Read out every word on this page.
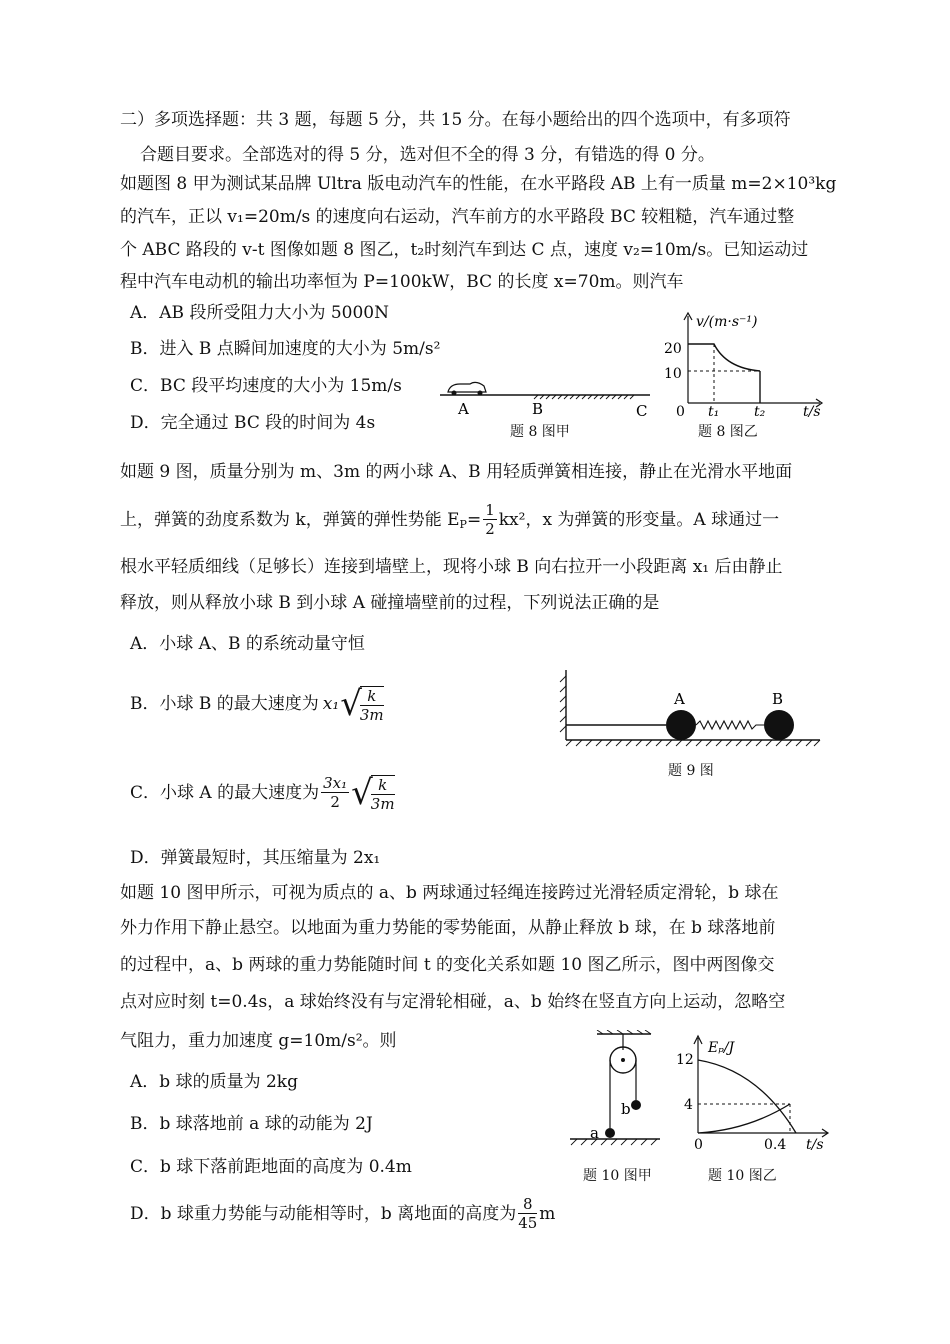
二）多项选择题：共 3 题，每题 5 分，共 15 分。在每小题给出的四个选项中，有多项符
合题目要求。全部选对的得 5 分，选对但不全的得 3 分，有错选的得 0 分。
如题图 8 甲为测试某品牌 Ultra 版电动汽车的性能，在水平路段 AB 上有一质量 m=2×10³kg
的汽车，正以 v₁=20m/s 的速度向右运动，汽车前方的水平路段 BC 较粗糙，汽车通过整
个 ABC 路段的 v-t 图像如题 8 图乙，t₂时刻汽车到达 C 点，速度 v₂=10m/s。已知运动过
程中汽车电动机的输出功率恒为 P=100kW，BC 的长度 x=70m。则汽车
A．AB 段所受阻力大小为 5000N
B．进入 B 点瞬间加速度的大小为 5m/s²
C．BC 段平均速度的大小为 15m/s
D．完全通过 BC 段的时间为 4s
A	B	C
题 8 图甲
v/(m·s⁻¹)
20
10
0 t₁ t₂	t/s
题 8 图乙
如题 9 图，质量分别为 m、3m 的两小球 A、B 用轻质弹簧相连接，静止在光滑水平地面
上，弹簧的劲度系数为 k，弹簧的弹性势能 $E_P = \frac{1}{2} kx^2$，x 为弹簧的形变量。A 球通过一
根水平轻质细线（足够长）连接到墙壁上，现将小球 B 向右拉开一小段距离 x₁ 后由静止
释放，则从释放小球 B 到小球 A 碰撞墙壁前的过程，下列说法正确的是
A．小球 A、B 的系统动量守恒
B．小球 B 的最大速度为 x₁ √
$\frac{k}{3m}$
C．小球 A 的最大速度为 $\frac{\text{3x₁}}{2}$ √
$\frac{k}{3m}$
D．弹簧最短时，其压缩量为 2x₁
A	B
题 9 图
如题 10 图甲所示，可视为质点的 a、b 两球通过轻绳连接跨过光滑轻质定滑轮，b 球在
外力作用下静止悬空。以地面为重力势能的零势能面，从静止释放 b 球，在 b 球落地前
的过程中，a、b 两球的重力势能随时间 t 的变化关系如题 10 图乙所示，图中两图像交
点对应时刻 t=0.4s，a 球始终没有与定滑轮相碰，a、b 始终在竖直方向上运动，忽略空
气阻力，重力加速度 g=10m/s²。则
A．b 球的质量为 2kg
B．b 球落地前 a 球的动能为 2J
C．b 球下落前距地面的高度为 0.4m
D．b 球重力势能与动能相等时，b 离地面的高度为 $\frac{8}{45}$ m
a
b
题 10 图甲
Eₚ/J
12
4
0	0.4 t/s
题 10 图乙
